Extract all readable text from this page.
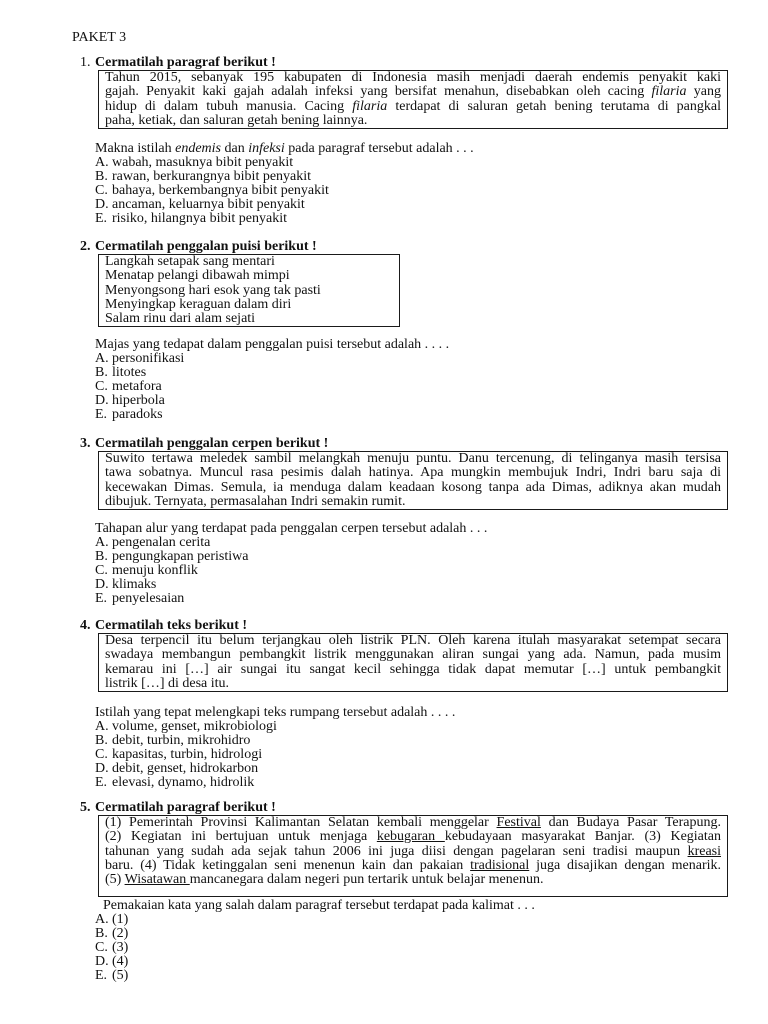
PAKET 3
1. Cermatilah paragraf berikut !
Tahun 2015, sebanyak 195 kabupaten di Indonesia masih menjadi daerah endemis penyakit kaki
gajah. Penyakit kaki gajah adalah infeksi yang bersifat menahun, disebabkan oleh cacing filaria yang
hidup di dalam tubuh manusia. Cacing filaria terdapat di saluran getah bening terutama di pangkal
paha, ketiak, dan saluran getah bening lainnya.
Makna istilah endemis dan infeksi pada paragraf tersebut adalah . . .
A. wabah, masuknya bibit penyakit
B. rawan, berkurangnya bibit penyakit
C. bahaya, berkembangnya bibit penyakit
D. ancaman, keluarnya bibit penyakit
E. risiko, hilangnya bibit penyakit
2. Cermatilah penggalan puisi berikut !
Langkah setapak sang mentari
Menatap pelangi dibawah mimpi
Menyongsong hari esok yang tak pasti
Menyingkap keraguan dalam diri
Salam rinu dari alam sejati
Majas yang tedapat dalam penggalan puisi tersebut adalah . . . .
A. personifikasi
B. litotes
C. metafora
D. hiperbola
E. paradoks
3. Cermatilah penggalan cerpen berikut !
Suwito tertawa meledek sambil melangkah menuju puntu. Danu tercenung, di telinganya masih tersisa
tawa sobatnya. Muncul rasa pesimis dalah hatinya. Apa mungkin membujuk Indri, Indri baru saja di
kecewakan Dimas. Semula, ia menduga dalam keadaan kosong tanpa ada Dimas, adiknya akan mudah
dibujuk. Ternyata, permasalahan Indri semakin rumit.
Tahapan alur yang terdapat pada penggalan cerpen tersebut adalah . . .
A. pengenalan cerita
B. pengungkapan peristiwa
C. menuju konflik
D. klimaks
E. penyelesaian
4. Cermatilah teks berikut !
Desa terpencil itu belum terjangkau oleh listrik PLN. Oleh karena itulah masyarakat setempat secara
swadaya membangun pembangkit listrik menggunakan aliran sungai yang ada. Namun, pada musim
kemarau ini […] air sungai itu sangat kecil sehingga tidak dapat memutar […] untuk pembangkit
listrik […] di desa itu.
Istilah yang tepat melengkapi teks rumpang tersebut adalah . . . .
A. volume, genset, mikrobiologi
B. debit, turbin, mikrohidro
C. kapasitas, turbin, hidrologi
D. debit, genset, hidrokarbon
E. elevasi, dynamo, hidrolik
5. Cermatilah paragraf berikut !
(1) Pemerintah Provinsi Kalimantan Selatan kembali menggelar Festival dan Budaya Pasar Terapung.
(2) Kegiatan ini bertujuan untuk menjaga kebugaran kebudayaan masyarakat Banjar. (3) Kegiatan
tahunan yang sudah ada sejak tahun 2006 ini juga diisi dengan pagelaran seni tradisi maupun kreasi
baru. (4) Tidak ketinggalan seni menenun kain dan pakaian tradisional juga disajikan dengan menarik.
(5) Wisatawan mancanegara dalam negeri pun tertarik untuk belajar menenun.
Pemakaian kata yang salah dalam paragraf tersebut terdapat pada kalimat . . .
A. (1)
B. (2)
C. (3)
D. (4)
E. (5)
